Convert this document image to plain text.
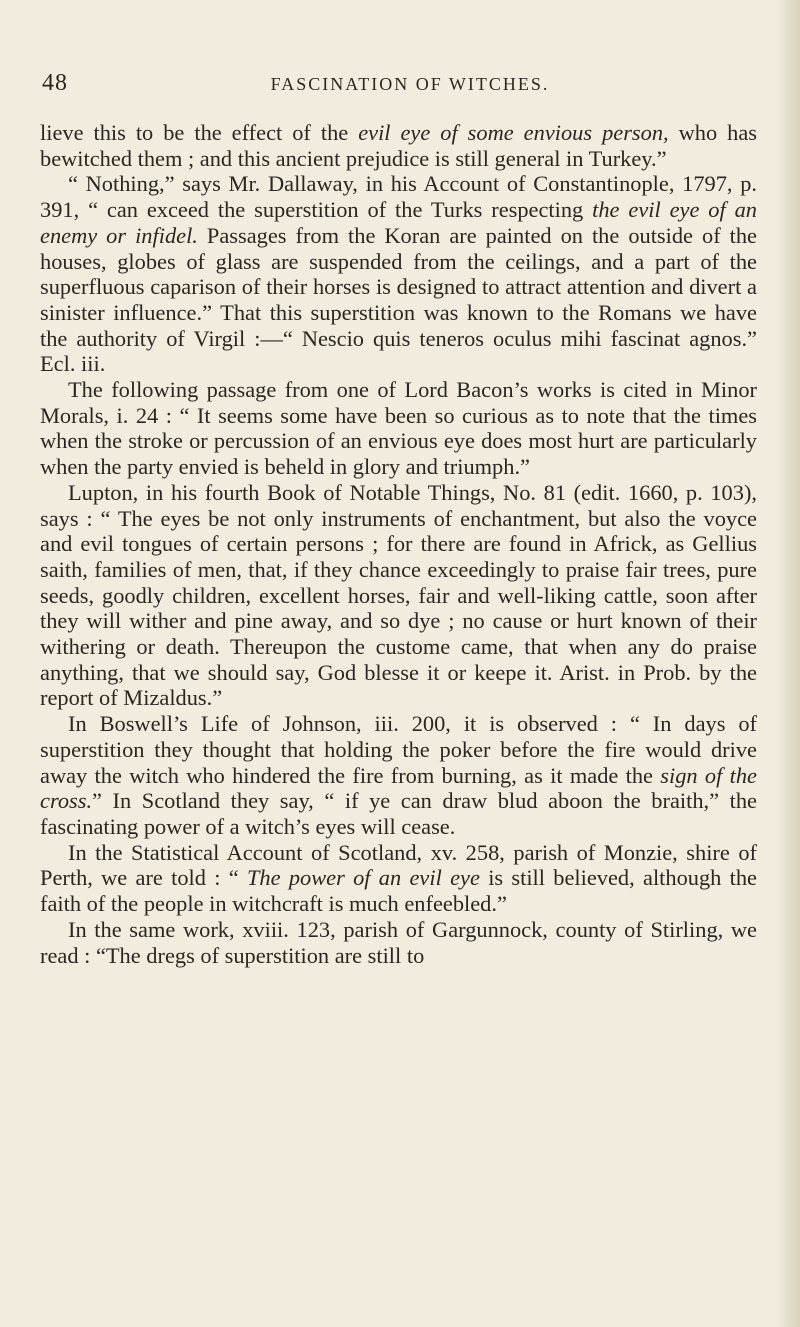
48	FASCINATION OF WITCHES.

lieve this to be the effect of the evil eye of some envious person, who has bewitched them ; and this ancient prejudice is still general in Turkey.”

“ Nothing,” says Mr. Dallaway, in his Account of Constantinople, 1797, p. 391, “ can exceed the superstition of the Turks respecting the evil eye of an enemy or infidel. Passages from the Koran are painted on the outside of the houses, globes of glass are suspended from the ceilings, and a part of the superfluous caparison of their horses is designed to attract attention and divert a sinister influence.” That this superstition was known to the Romans we have the authority of Virgil :—“ Nescio quis teneros oculus mihi fascinat agnos.” Ecl. iii.

The following passage from one of Lord Bacon’s works is cited in Minor Morals, i. 24 : “ It seems some have been so curious as to note that the times when the stroke or percussion of an envious eye does most hurt are particularly when the party envied is beheld in glory and triumph.”

Lupton, in his fourth Book of Notable Things, No. 81 (edit. 1660, p. 103), says : “ The eyes be not only instruments of enchantment, but also the voyce and evil tongues of certain persons ; for there are found in Africk, as Gellius saith, families of men, that, if they chance exceedingly to praise fair trees, pure seeds, goodly children, excellent horses, fair and well-liking cattle, soon after they will wither and pine away, and so dye ; no cause or hurt known of their withering or death. Thereupon the custome came, that when any do praise anything, that we should say, God blesse it or keepe it. Arist. in Prob. by the report of Mizaldus.”

In Boswell’s Life of Johnson, iii. 200, it is observed : “ In days of superstition they thought that holding the poker before the fire would drive away the witch who hindered the fire from burning, as it made the sign of the cross.” In Scotland they say, “ if ye can draw blud aboon the braith,” the fascinating power of a witch’s eyes will cease.

In the Statistical Account of Scotland, xv. 258, parish of Monzie, shire of Perth, we are told : “ The power of an evil eye is still believed, although the faith of the people in witchcraft is much enfeebled.”

In the same work, xviii. 123, parish of Gargunnock, county of Stirling, we read : “The dregs of superstition are still to
